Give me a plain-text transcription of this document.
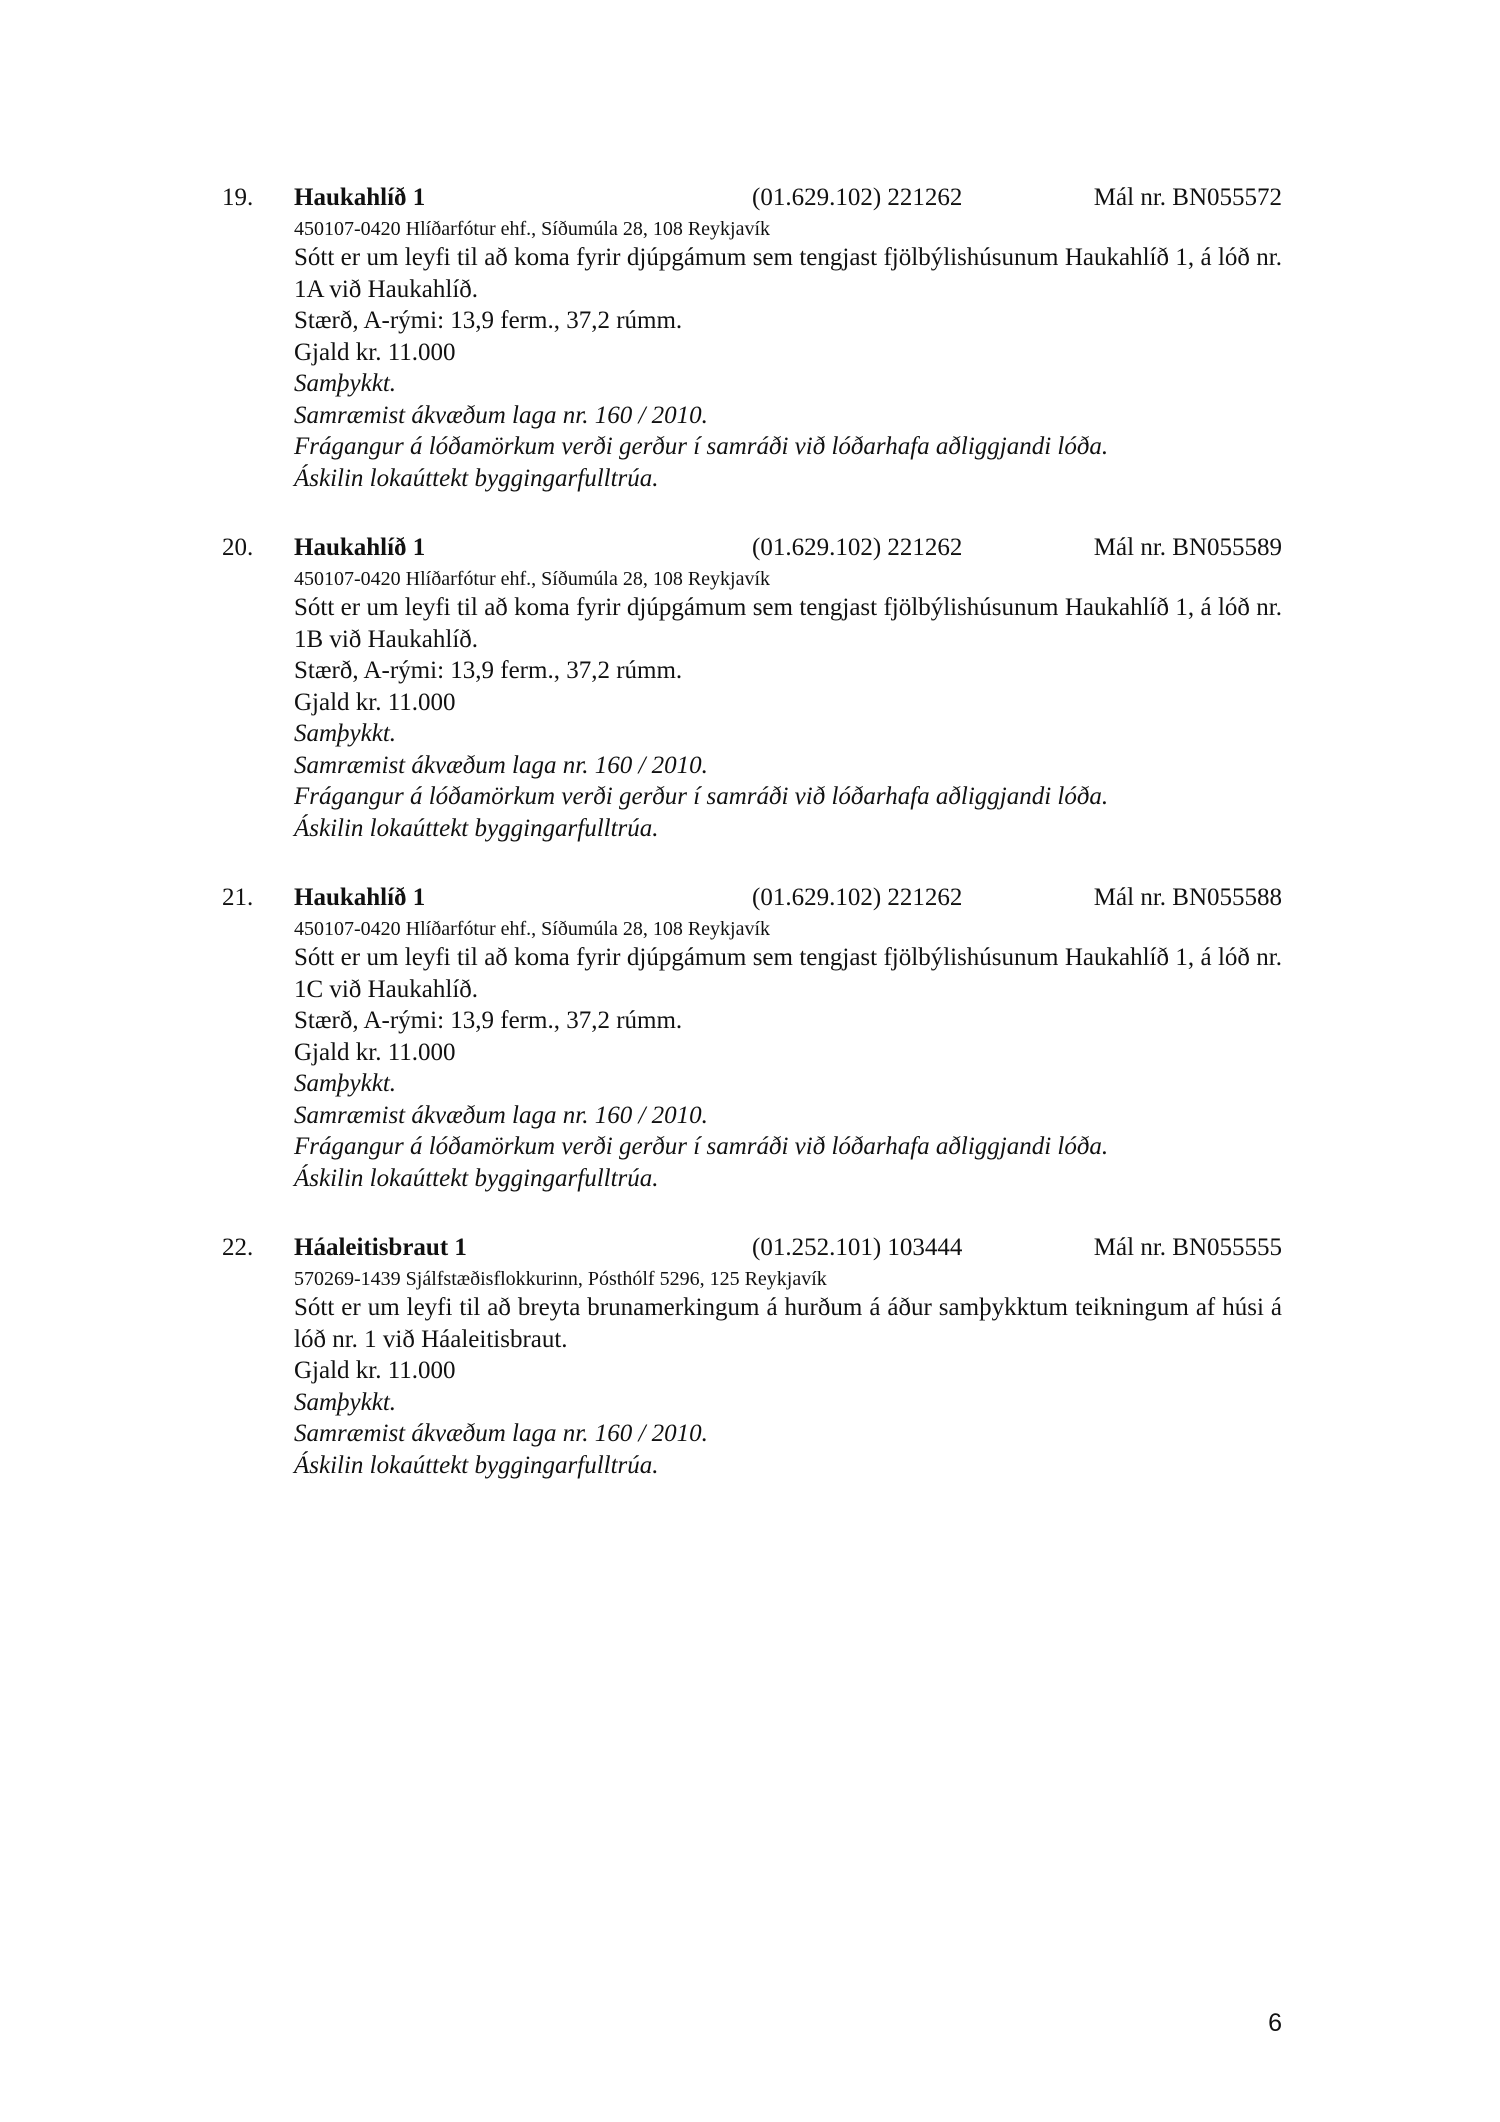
19. Haukahlíð 1	(01.629.102) 221262	Mál nr. BN055572
450107-0420 Hlíðarfótur ehf., Síðumúla 28, 108 Reykjavík
Sótt er um leyfi til að koma fyrir djúpgámum sem tengjast fjölbýlishúsunum Haukahlíð 1, á lóð nr. 1A við Haukahlíð.
Stærð, A-rými: 13,9 ferm., 37,2 rúmm.
Gjald kr. 11.000
Samþykkt.
Samræmist ákvæðum laga nr. 160 / 2010.
Frágangur á lóðamörkum verði gerður í samráði við lóðarhafa aðliggjandi lóða.
Áskilin lokaúttekt byggingarfulltrúa.
20. Haukahlíð 1	(01.629.102) 221262	Mál nr. BN055589
450107-0420 Hlíðarfótur ehf., Síðumúla 28, 108 Reykjavík
Sótt er um leyfi til að koma fyrir djúpgámum sem tengjast fjölbýlishúsunum Haukahlíð 1, á lóð nr. 1B við Haukahlíð.
Stærð, A-rými: 13,9 ferm., 37,2 rúmm.
Gjald kr. 11.000
Samþykkt.
Samræmist ákvæðum laga nr. 160 / 2010.
Frágangur á lóðamörkum verði gerður í samráði við lóðarhafa aðliggjandi lóða.
Áskilin lokaúttekt byggingarfulltrúa.
21. Haukahlíð 1	(01.629.102) 221262	Mál nr. BN055588
450107-0420 Hlíðarfótur ehf., Síðumúla 28, 108 Reykjavík
Sótt er um leyfi til að koma fyrir djúpgámum sem tengjast fjölbýlishúsunum Haukahlíð 1, á lóð nr. 1C við Haukahlíð.
Stærð, A-rými: 13,9 ferm., 37,2 rúmm.
Gjald kr. 11.000
Samþykkt.
Samræmist ákvæðum laga nr. 160 / 2010.
Frágangur á lóðamörkum verði gerður í samráði við lóðarhafa aðliggjandi lóða.
Áskilin lokaúttekt byggingarfulltrúa.
22. Háaleitisbraut 1	(01.252.101) 103444	Mál nr. BN055555
570269-1439 Sjálfstæðisflokkurinn, Pósthólf 5296, 125 Reykjavík
Sótt er um leyfi til að breyta brunamerkingum á hurðum á áður samþykktum teikningum af húsi á lóð nr. 1 við Háaleitisbraut.
Gjald kr. 11.000
Samþykkt.
Samræmist ákvæðum laga nr. 160 / 2010.
Áskilin lokaúttekt byggingarfulltrúa.
6
